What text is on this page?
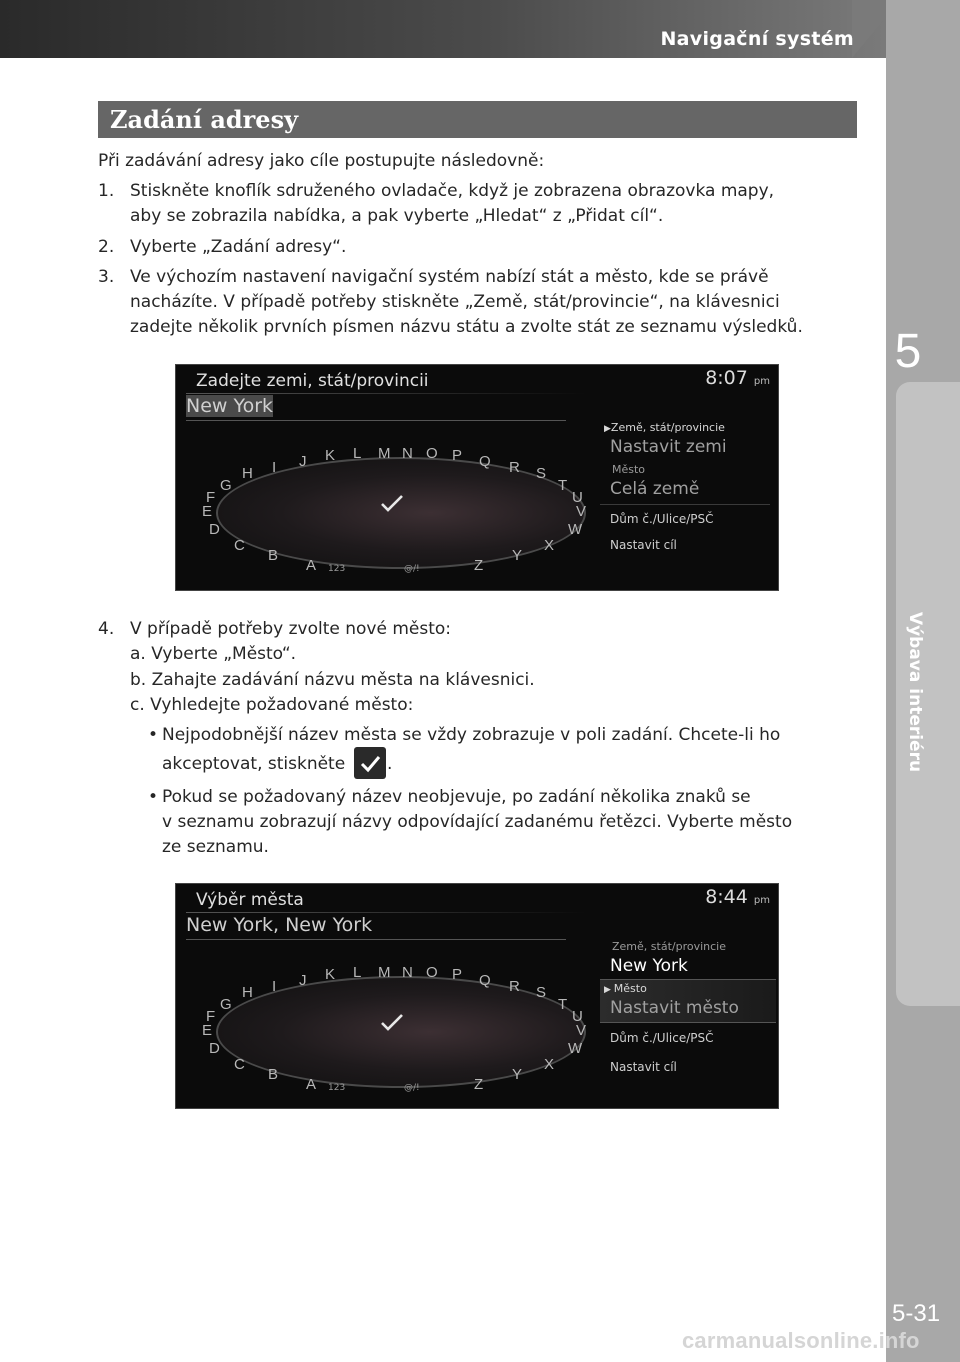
Navigační systém
5
Výbava interiéru
5-31
carmanualsonline.info
Zadání adresy
Při zadávání adresy jako cíle postupujte následovně:
1. Stiskněte knoflík sdruženého ovladače, když je zobrazena obrazovka mapy,
aby se zobrazila nabídka, a pak vyberte „Hledat“ z „Přidat cíl“.
2. Vyberte „Zadání adresy“.
3. Ve výchozím nastavení navigační systém nabízí stát a město, kde se právě
nacházíte. V případě potřeby stiskněte „Země, stát/provincie“, na klávesnici
zadejte několik prvních písmen názvu státu a zvolte stát ze seznamu výsledků.
Zadejte zemi, stát/provincii	8:07 pm
New York
A
B
C
D
E
F
G
H I J K L M N O P Q R S
T
U
V
W
X
Y
Z
123	@/!
▶Země, stát/provincie
Nastavit zemi
Město
Celá země
Dům č./Ulice/PSČ
Nastavit cíl
4. V případě potřeby zvolte nové město:
a. Vyberte „Město“.
b. Zahajte zadávání názvu města na klávesnici.
c. Vyhledejte požadované město:
• Nejpodobnější název města se vždy zobrazuje v poli zadání. Chcete-li ho
akceptovat, stiskněte .
• Pokud se požadovaný název neobjevuje, po zadání několika znaků se
v seznamu zobrazují názvy odpovídající zadanému řetězci. Vyberte město
ze seznamu.
Výběr města	8:44 pm
New York, New York
A
B
C
D
E
F
G
H I J K L M N O P Q R S
T
U
V
W
X
Y
Z
123	@/!
Země, stát/provincie
New York
▶ Město
Nastavit město
Dům č./Ulice/PSČ
Nastavit cíl
